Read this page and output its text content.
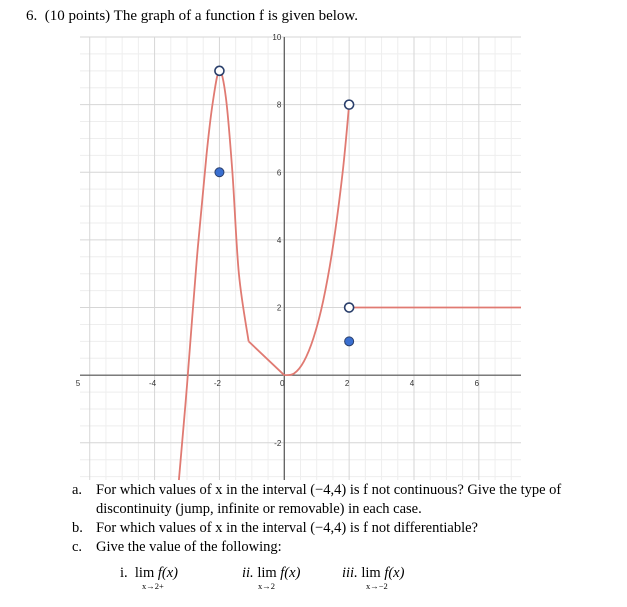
6. (10 points) The graph of a function f is given below.
-4	-2	0	2	4	6
-2
2
4
6
8
10
5
a. For which values of x in the interval (−4,4) is f not continuous? Give the type of discontinuity (jump, infinite or removable) in each case.
b. For which values of x in the interval (−4,4) is f not differentiable?
c. Give the value of the following:
i. lim f(x)
x→2+
ii. lim f(x)
x→2
iii. lim f(x)
x→−2
